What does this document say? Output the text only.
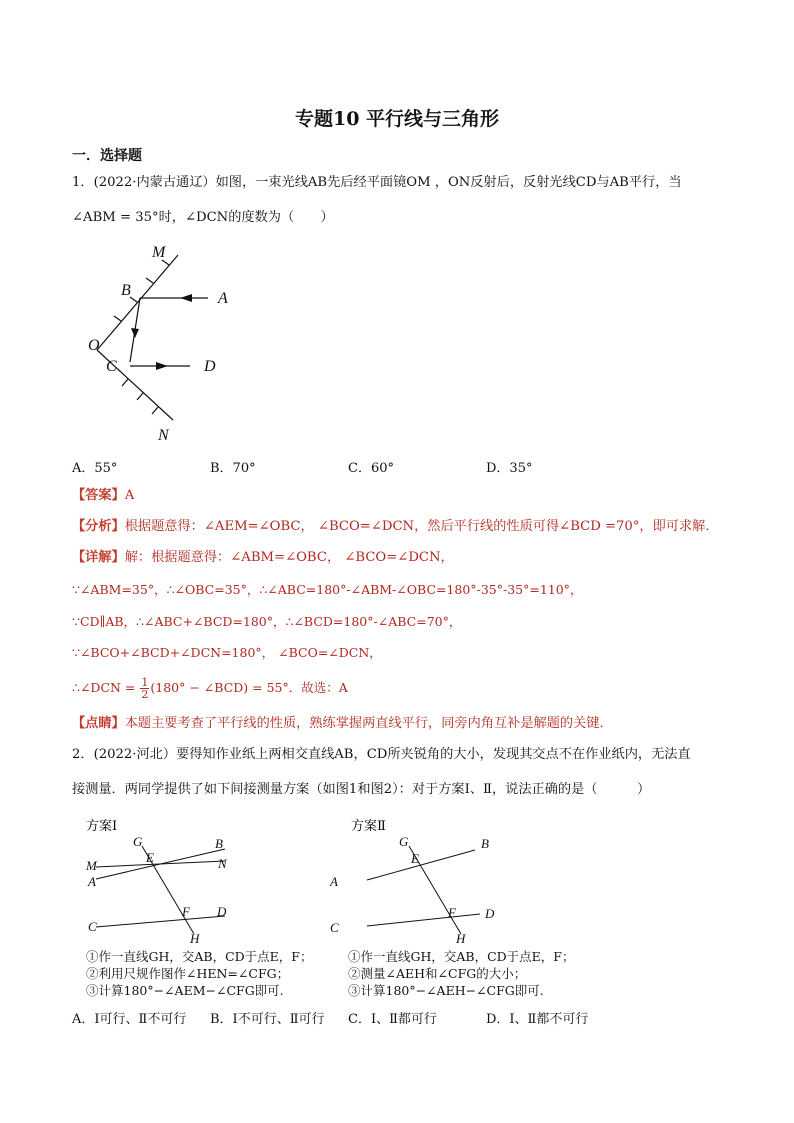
专题10 平行线与三角形
一．选择题
1．(2022·内蒙古通辽）如图，一束光线AB先后经平面镜OM ，ON反射后，反射光线CD与AB平行，当
∠ABM = 35°时，∠DCN的度数为（　　）
M
B	A
O
C	D
N
A．55°	B．70°	C．60°	D．35°
【答案】A
【分析】根据题意得：∠AEM=∠OBC， ∠BCO=∠DCN，然后平行线的性质可得∠BCD =70°，即可求解．
【详解】解：根据题意得：∠ABM=∠OBC， ∠BCO=∠DCN，
∵∠ABM=35°，∴∠OBC=35°，∴∠ABC=180°-∠ABM-∠OBC=180°-35°-35°=110°，
∵CD∥AB，∴∠ABC+∠BCD=180°，∴∠BCD=180°-∠ABC=70°，
∵∠BCO+∠BCD+∠DCN=180°， ∠BCO=∠DCN，
∴∠DCN = $\frac{1}{2} (180^\circ$ − ∠BCD) = 55°．故选：A
【点睛】本题主要考查了平行线的性质，熟练掌握两直线平行，同旁内角互补是解题的关键．
2．(2022·河北）要得知作业纸上两相交直线AB，CD所夹锐角的大小，发现其交点不在作业纸内，无法直
接测量．两同学提供了如下间接测量方案（如图1和图2）：对于方案Ⅰ、Ⅱ，说法正确的是（　　　）
方案Ⅰ
G	B
M
E	N
A
F D
C
H
方案Ⅱ
G	B
E
A
F D
C
H
①作一直线GH，交AB，CD于点E，F；
②利用尺规作图作∠HEN=∠CFG；
③计算180°−∠AEM−∠CFG即可.
①作一直线GH，交AB，CD于点E，F；
②测量∠AEH和∠CFG的大小；
③计算180°−∠AEH−∠CFG即可.
A．Ⅰ可行、Ⅱ不可行 B．Ⅰ不可行、Ⅱ可行 C．Ⅰ、Ⅱ都可行	D．Ⅰ、Ⅱ都不可行
